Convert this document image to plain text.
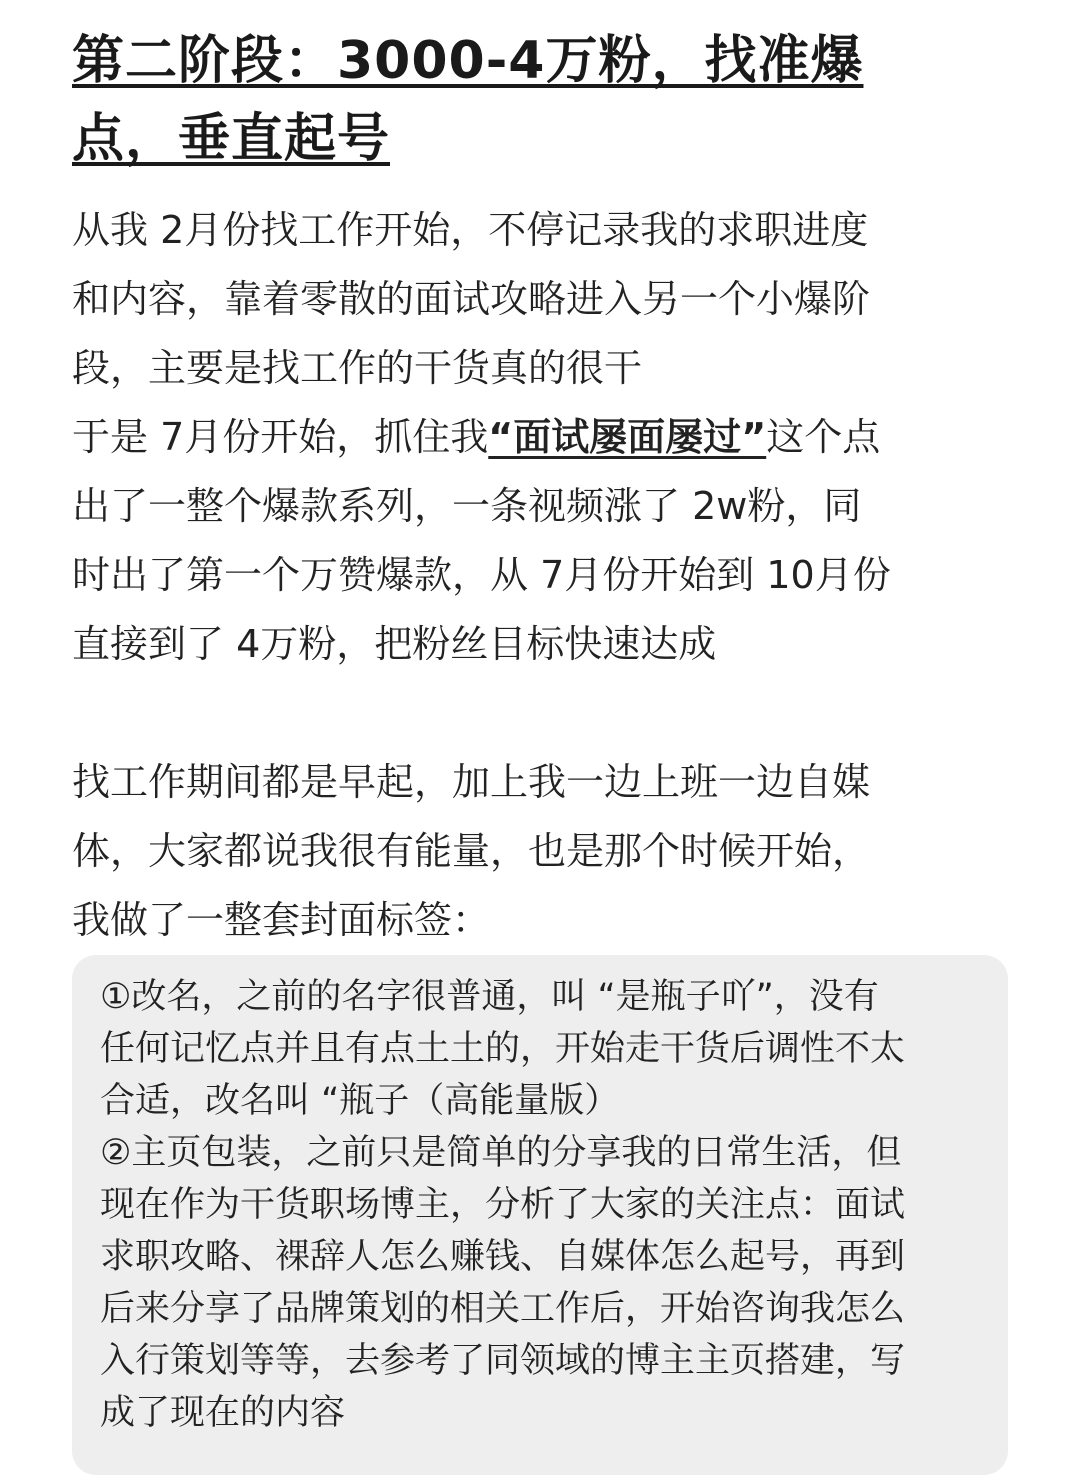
第二阶段：3000-4万粉，找准爆
点，垂直起号
从我 2月份找工作开始，不停记录我的求职进度
和内容，靠着零散的面试攻略进入另一个小爆阶
段，主要是找工作的干货真的很干
于是 7月份开始，抓住我“面试屡面屡过”这个点
出了一整个爆款系列，一条视频涨了 2w粉，同
时出了第一个万赞爆款，从 7月份开始到 10月份
直接到了 4万粉，把粉丝目标快速达成
找工作期间都是早起，加上我一边上班一边自媒
体，大家都说我很有能量，也是那个时候开始，
我做了一整套封面标签：
①改名，之前的名字很普通，叫 “是瓶子吖”，没有
任何记忆点并且有点土土的，开始走干货后调性不太
合适，改名叫 “瓶子（高能量版）
②主页包装，之前只是简单的分享我的日常生活，但
现在作为干货职场博主，分析了大家的关注点：面试
求职攻略、裸辞人怎么赚钱、自媒体怎么起号，再到
后来分享了品牌策划的相关工作后，开始咨询我怎么
入行策划等等，去参考了同领域的博主主页搭建，写
成了现在的内容
